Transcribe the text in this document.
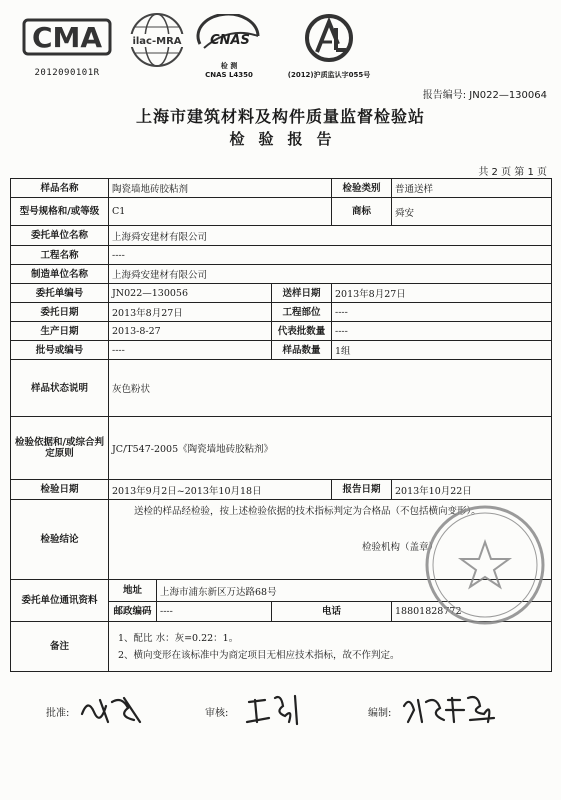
CMA
2012090101R
ilac-MRA CNAS
检 测
CNAS L4350	(2012)沪质监认字055号
报告编号: JN022—130064
上海市建筑材料及构件质量监督检验站
检验报告
共 2 页 第 1 页
样品名称	陶瓷墙地砖胶粘剂			检验类别	普通送样
型号规格和/或等级	C1			商标	舜安
委托单位名称	上海舜安建材有限公司				
工程名称	----				
制造单位名称	上海舜安建材有限公司				
委托单编号	JN022—130056		送样日期	2013年8月27日	
委托日期	2013年8月27日		工程部位	----	
生产日期	2013-8-27		代表批数量	----	
批号或编号	----		样品数量	1组	
样品状态说明	灰色粉状				
检验依据和/或综合判定原则	JC/T547-2005《陶瓷墙地砖胶粘剂》				
检验日期	2013年9月2日~2013年10月18日			报告日期	2013年10月22日
检验结论	送检的样品经检验，按上述检验依据的技术指标判定为合格品（不包括横向变形）。
检验机构（盖章）				

委托单位通讯资料	地址	上海市浦东新区万达路68号			
	邮政编码	----	电话		18801828772
备注	1、配比 水：灰=0.22：1。
2、横向变形在该标准中为商定项目无相应技术指标，故不作判定。				
批准:	审核:	编制:
